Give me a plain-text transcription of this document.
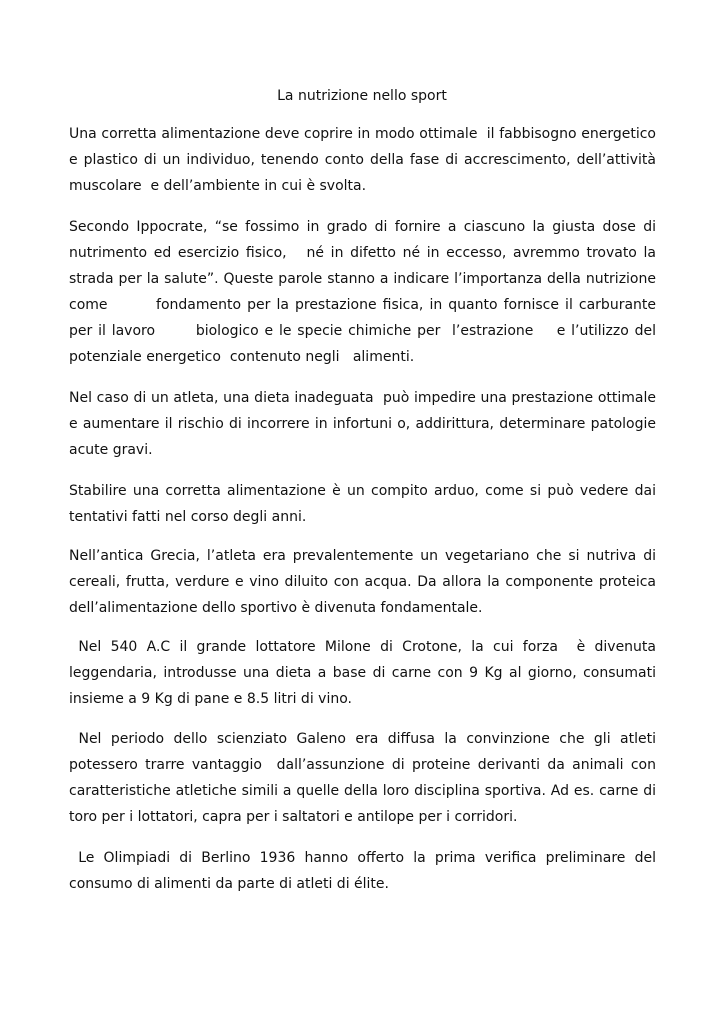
La nutrizione nello sport

Una corretta alimentazione deve coprire in modo ottimale  il fabbisogno energetico e plastico di un individuo, tenendo conto della fase di accrescimento, dell’attività muscolare  e dell’ambiente in cui è svolta.

Secondo Ippocrate, “se fossimo in grado di fornire a ciascuno la giusta dose di nutrimento ed esercizio fisico,   né in difetto né in eccesso, avremmo trovato la strada per la salute”. Queste parole stanno a indicare l’importanza della nutrizione come        fondamento per la prestazione fisica, in quanto fornisce il carburante  per il lavoro       biologico e le specie chimiche per  l’estrazione    e l’utilizzo del potenziale energetico  contenuto negli   alimenti.

Nel caso di un atleta, una dieta inadeguata  può impedire una prestazione ottimale e aumentare il rischio di incorrere in infortuni o, addirittura, determinare patologie acute gravi.

Stabilire una corretta alimentazione è un compito arduo, come si può vedere dai tentativi fatti nel corso degli anni.

Nell’antica Grecia, l’atleta era prevalentemente un vegetariano che si nutriva di cereali, frutta, verdure e vino diluito con acqua. Da allora la componente proteica dell’alimentazione dello sportivo è divenuta fondamentale.

Nel 540 A.C il grande lottatore Milone di Crotone, la cui forza  è divenuta leggendaria, introdusse una dieta a base di carne con 9 Kg al giorno, consumati insieme a 9 Kg di pane e 8.5 litri di vino.

Nel periodo dello scienziato Galeno era diffusa la convinzione che gli atleti potessero trarre vantaggio  dall’assunzione di proteine derivanti da animali con caratteristiche atletiche simili a quelle della loro disciplina sportiva. Ad es. carne di toro per i lottatori, capra per i saltatori e antilope per i corridori.

Le Olimpiadi di Berlino 1936 hanno offerto la prima verifica preliminare del consumo di alimenti da parte di atleti di élite.
